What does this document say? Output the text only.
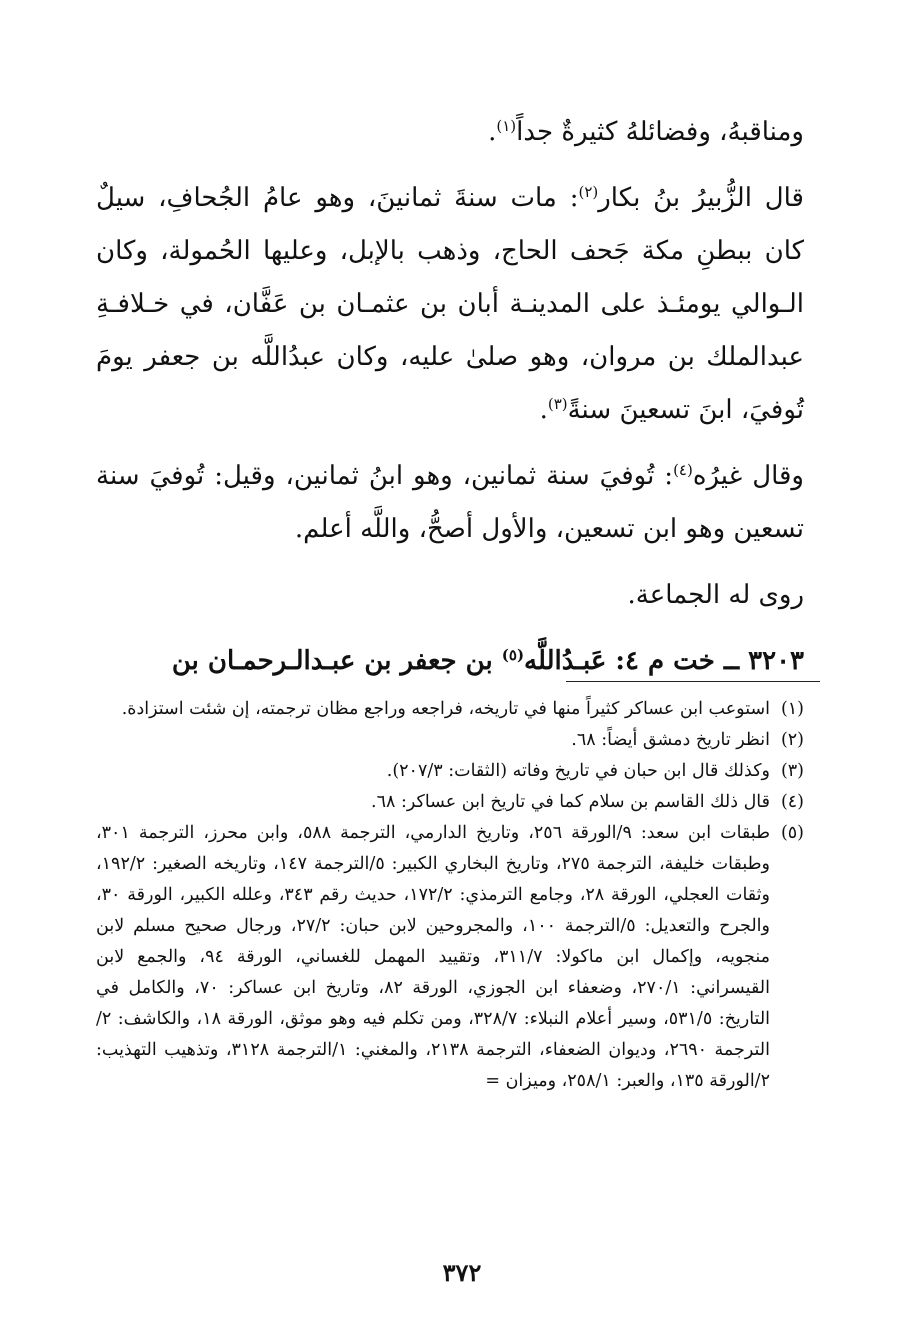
ومناقبهُ، وفضائلهُ كثيرةٌ جداً$^{(١)}$.

قال الزُّبيرُ بنُ بكار$^{(٢)}$: مات سنةَ ثمانينَ، وهو عامُ الجُحافِ، سيلٌ كان ببطنِ مكة جَحف الحاج، وذهب بالإبل، وعليها الحُمولة، وكان الـوالي يومئـذ على المدينـة أبان بن عثمـان بن عَفَّان، في خـلافـةِ عبدالملك بن مروان، وهو صلىٰ عليه، وكان عبدُاللَّه بن جعفر يومَ تُوفيَ، ابنَ تسعينَ سنةً$^{(٣)}$.

وقال غيرُه$^{(٤)}$: تُوفيَ سنة ثمانين، وهو ابنُ ثمانين، وقيل: تُوفيَ سنة تسعين وهو ابن تسعين، والأول أصحُّ، واللَّه أعلم.

روى له الجماعة.

٣٢٠٣ ــ خت م ٤: عَبـدُاللَّه$^{(٥)}$ بن جعفر بن عبـدالـرحمـان بن

(١)
استوعب ابن عساكر كثيراً منها في تاريخه، فراجعه وراجع مظان ترجمته، إن شئت استزادة.
(٢)
انظر تاريخ دمشق أيضاً: ٦٨.
(٣)
وكذلك قال ابن حبان في تاريخ وفاته (الثقات: ٢٠٧/٣).
(٤)
قال ذلك القاسم بن سلام كما في تاريخ ابن عساكر: ٦٨.
(٥)
طبقات ابن سعد: ٩/الورقة ٢٥٦، وتاريخ الدارمي، الترجمة ٥٨٨، وابن محرز، الترجمة ٣٠١، وطبقات خليفة، الترجمة ٢٧٥، وتاريخ البخاري الكبير: ٥/الترجمة ١٤٧، وتاريخه الصغير: ١٩٢/٢، وثقات العجلي، الورقة ٢٨، وجامع الترمذي: ١٧٢/٢، حديث رقم ٣٤٣، وعلله الكبير، الورقة ٣٠، والجرح والتعديل: ٥/الترجمة ١٠٠، والمجروحين لابن حبان: ٢٧/٢، ورجال صحيح مسلم لابن منجويه، وإكمال ابن ماكولا: ٣١١/٧، وتقييد المهمل للغساني، الورقة ٩٤، والجمع لابن القيسراني: ٢٧٠/١، وضعفاء ابن الجوزي، الورقة ٨٢، وتاريخ ابن عساكر: ٧٠، والكامل في التاريخ: ٥٣١/٥، وسير أعلام النبلاء: ٣٢٨/٧، ومن تكلم فيه وهو موثق، الورقة ١٨، والكاشف: ٢/الترجمة ٢٦٩٠، وديوان الضعفاء، الترجمة ٢١٣٨، والمغني: ١/الترجمة ٣١٢٨، وتذهيب التهذيب: ٢/الورقة ١٣٥، والعبر: ٢٥٨/١، وميزان =
٣٧٢
